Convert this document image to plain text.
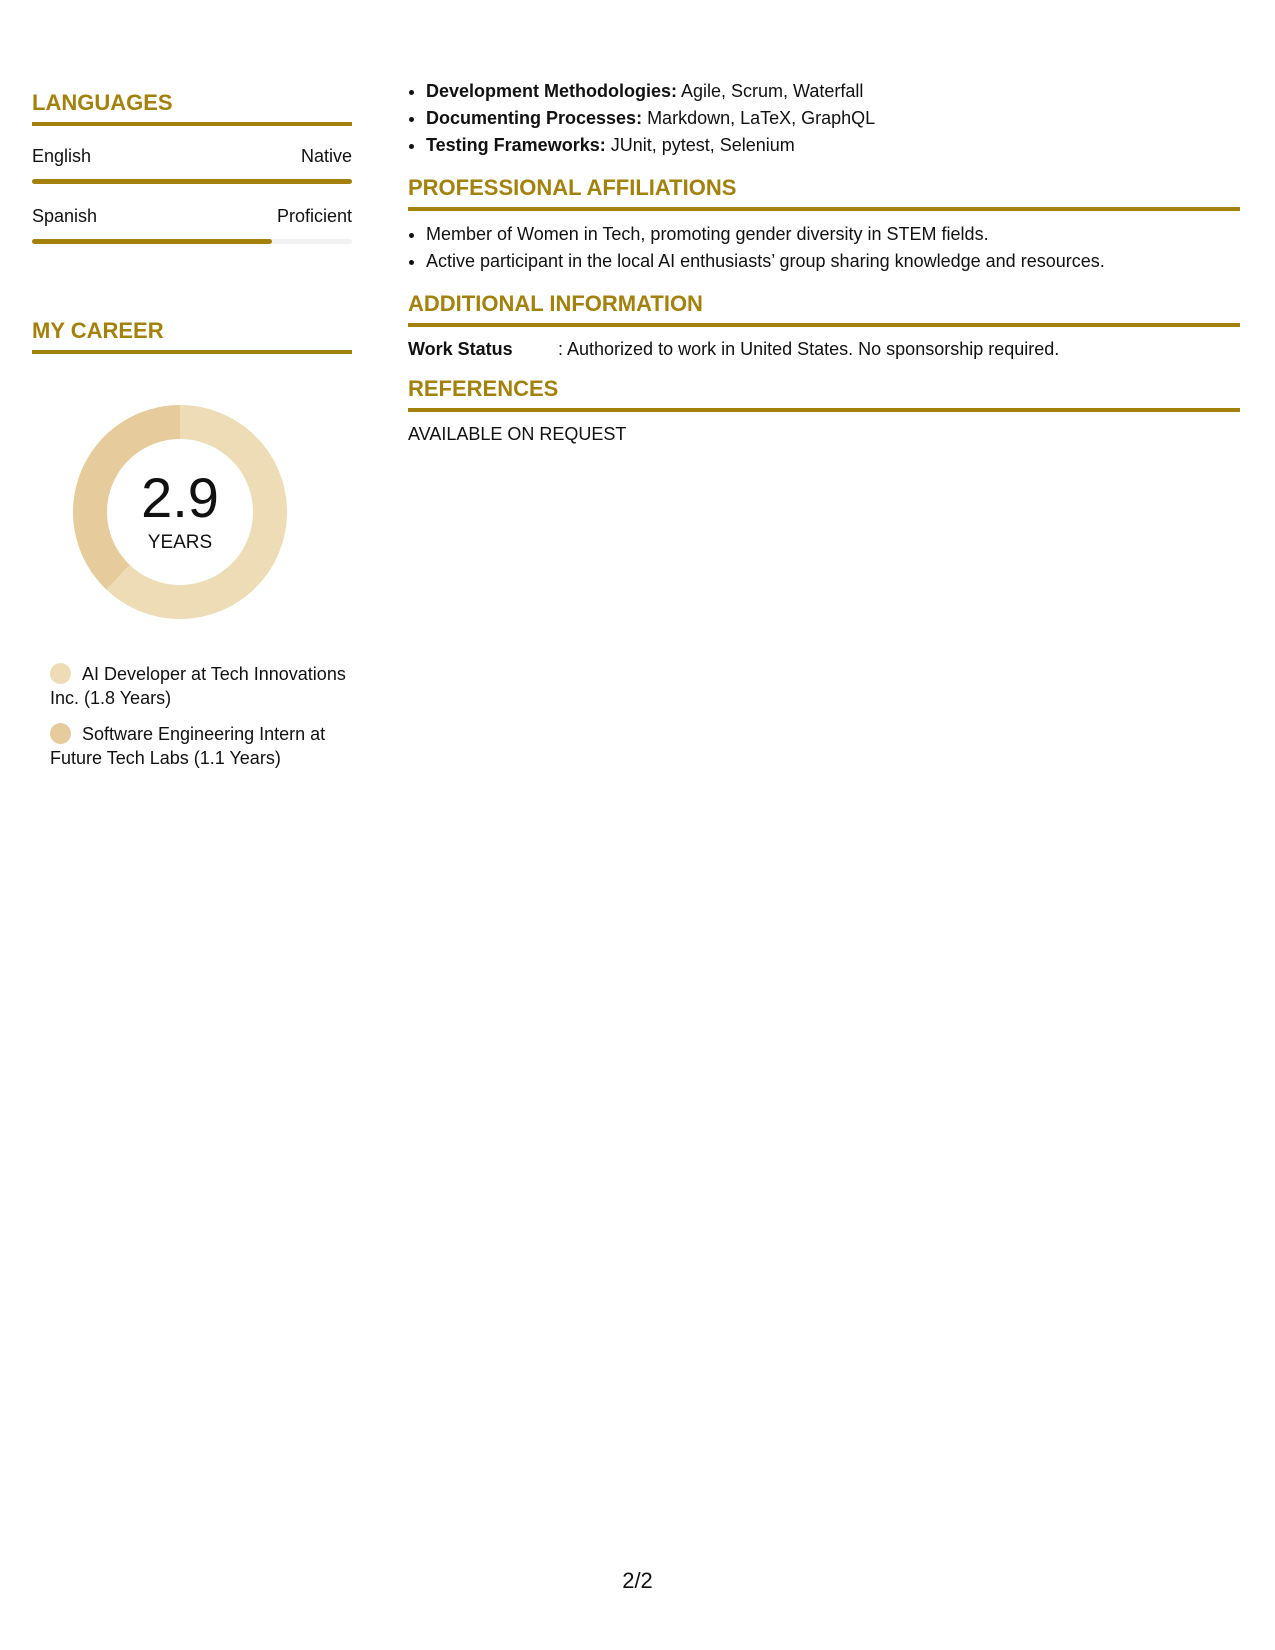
LANGUAGES
English	Native
Spanish	Proficient
MY CAREER
2.9
YEARS
AI Developer at Tech Innovations Inc. (1.8 Years)
Software Engineering Intern at Future Tech Labs (1.1 Years)
• Development Methodologies: Agile, Scrum, Waterfall
• Documenting Processes: Markdown, LaTeX, GraphQL
• Testing Frameworks: JUnit, pytest, Selenium
PROFESSIONAL AFFILIATIONS
• Member of Women in Tech, promoting gender diversity in STEM fields.
• Active participant in the local AI enthusiasts’ group sharing knowledge and resources.
ADDITIONAL INFORMATION
Work Status	: Authorized to work in United States. No sponsorship required.
REFERENCES
AVAILABLE ON REQUEST
2/2
